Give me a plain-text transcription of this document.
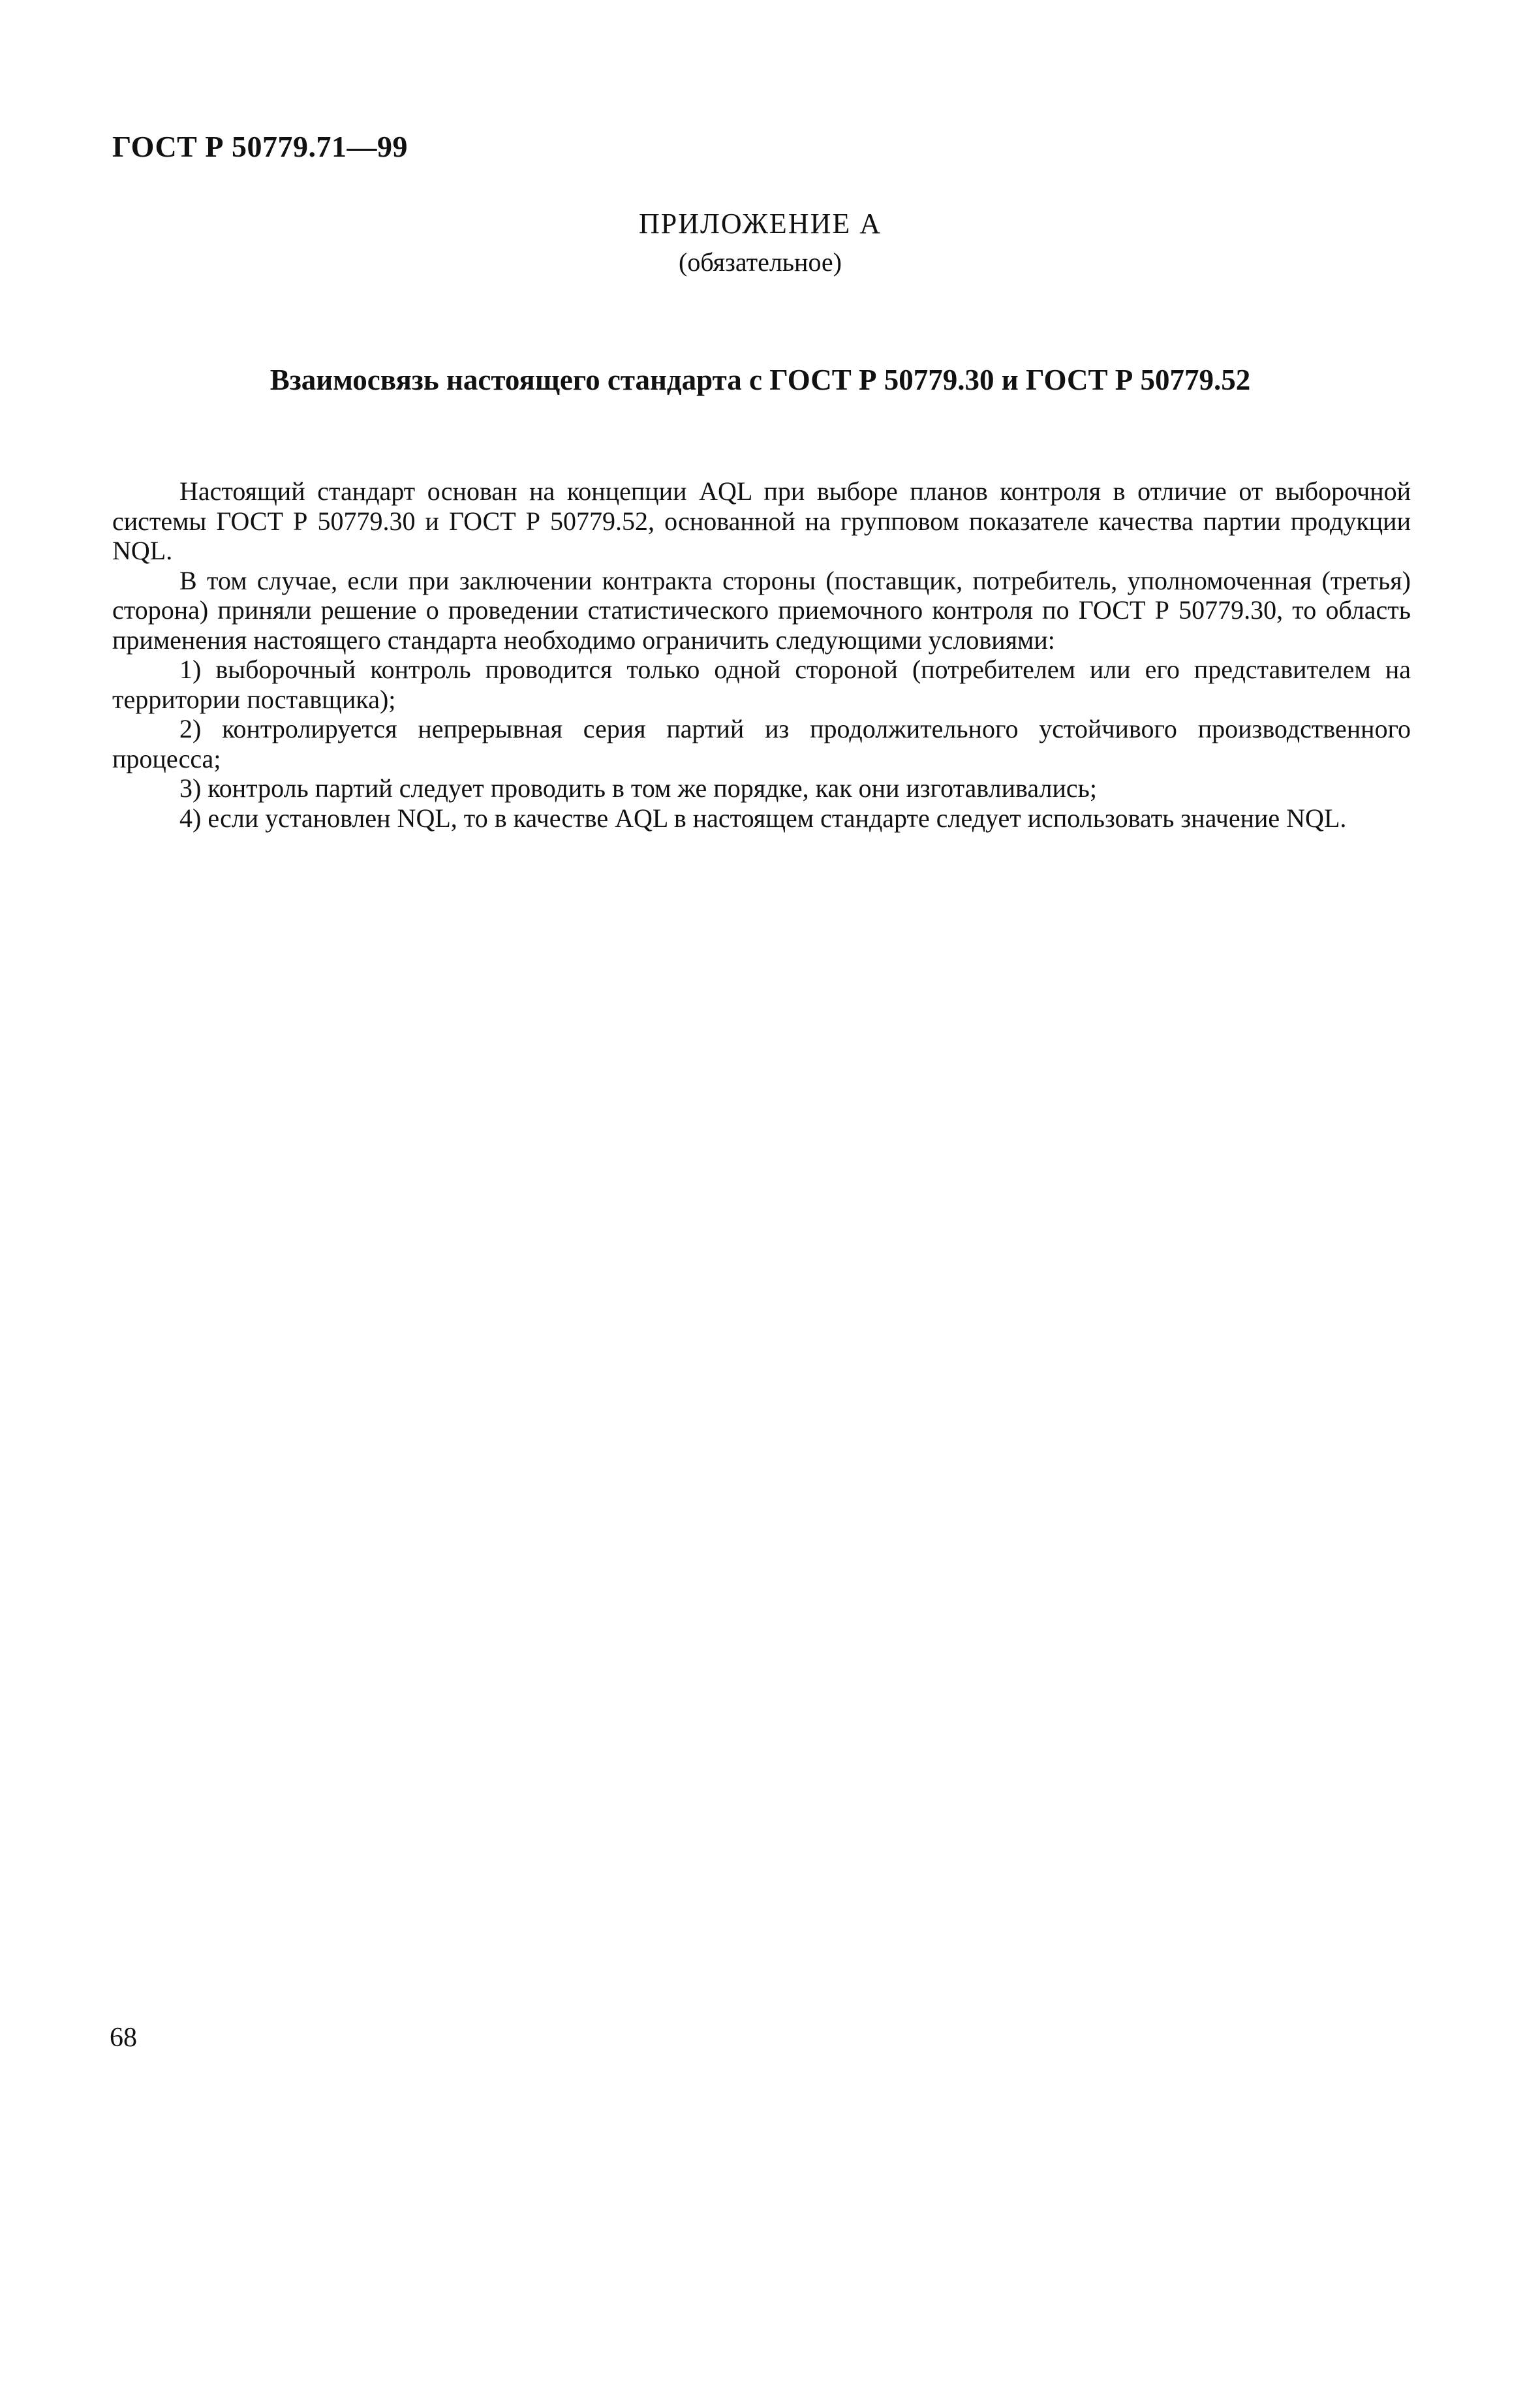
ГОСТ Р 50779.71—99
ПРИЛОЖЕНИЕ А
(обязательное)
Взаимосвязь настоящего стандарта с ГОСТ Р 50779.30 и ГОСТ Р 50779.52

Настоящий стандарт основан на концепции AQL при выборе планов контроля в отличие от выборочной системы ГОСТ Р 50779.30 и ГОСТ Р 50779.52, основанной на групповом показателе качества партии продукции NQL.

В том случае, если при заключении контракта стороны (поставщик, потребитель, уполномоченная (третья) сторона) приняли решение о проведении статистического приемочного контроля по ГОСТ Р 50779.30, то область применения настоящего стандарта необходимо ограничить следующими условиями:

1) выборочный контроль проводится только одной стороной (потребителем или его представителем на территории поставщика);

2) контролируется непрерывная серия партий из продолжительного устойчивого производственного процесса;

3) контроль партий следует проводить в том же порядке, как они изготавливались;

4) если установлен NQL, то в качестве AQL в настоящем стандарте следует использовать значение NQL.

68
